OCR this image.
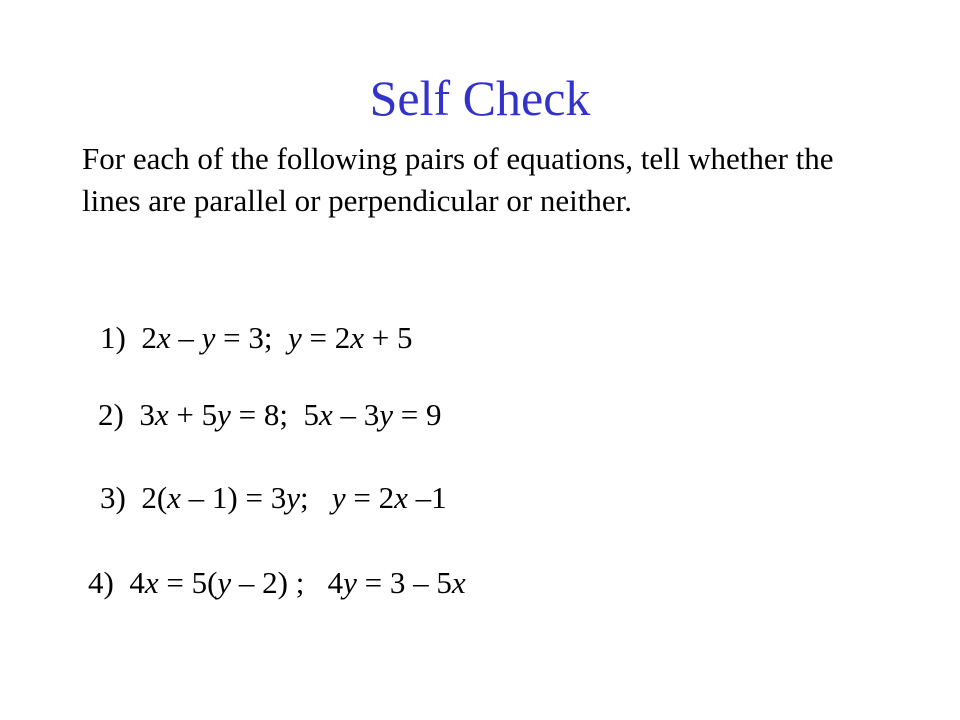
Self Check

For each of the following pairs of equations, tell whether the lines are parallel or perpendicular or neither.

1) 2x – y = 3;  y = 2x + 5
2) 3x + 5y = 8;  5x – 3y = 9
3) 2(x – 1) = 3y;   y = 2x –1
4) 4x = 5(y – 2) ;   4y = 3 – 5x
